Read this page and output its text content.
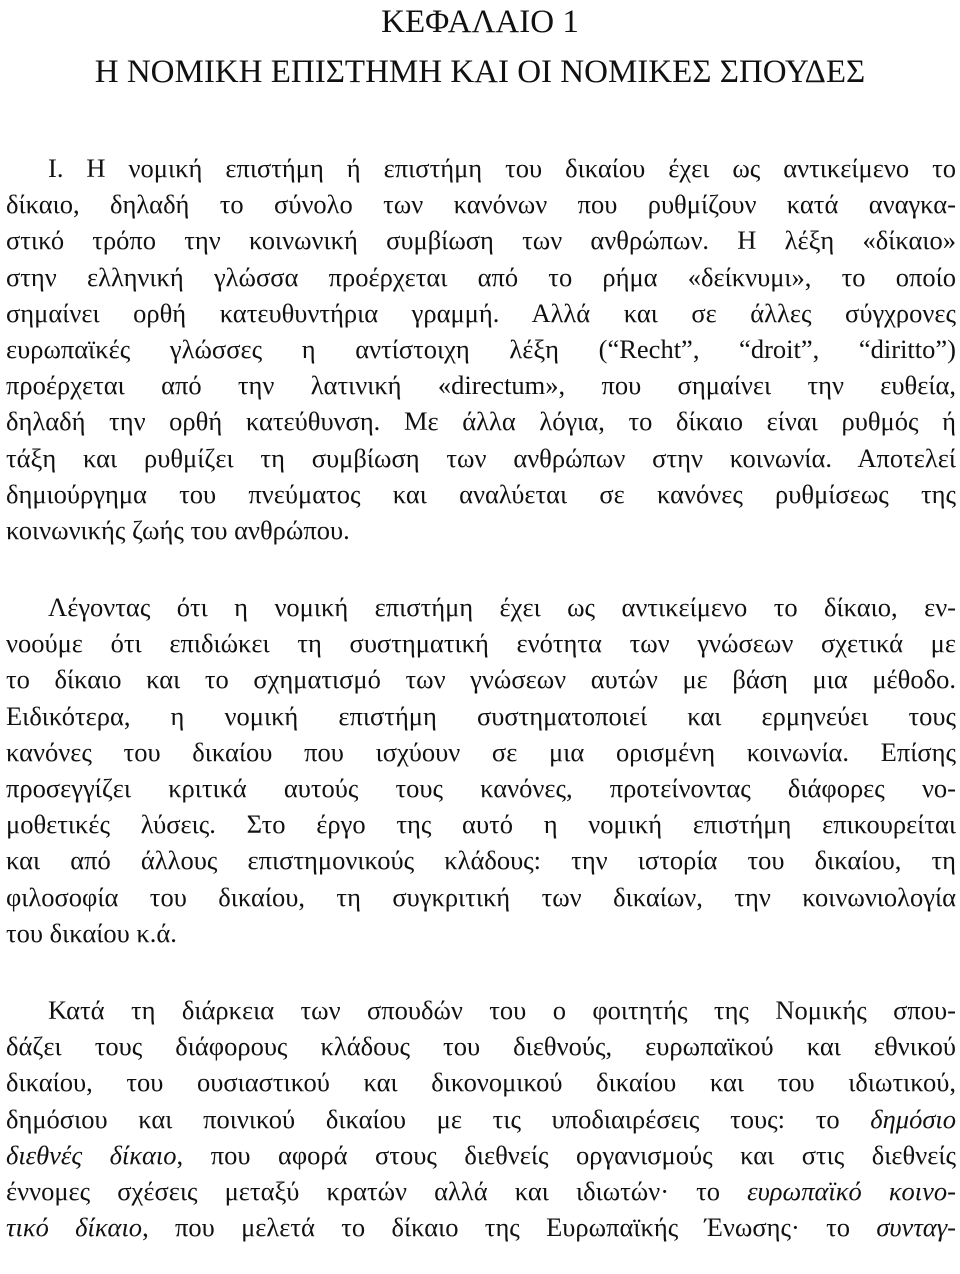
ΚΕΦΑΛΑΙΟ 1
Η ΝΟΜΙΚΗ ΕΠΙΣΤΗΜΗ ΚΑΙ ΟΙ ΝΟΜΙΚΕΣ ΣΠΟΥΔΕΣ
I. Η νομική επιστήμη ή επιστήμη του δικαίου έχει ως αντικείμενο το
δίκαιο, δηλαδή το σύνολο των κανόνων που ρυθμίζουν κατά αναγκα-
στικό τρόπο την κοινωνική συμβίωση των ανθρώπων. Η λέξη «δίκαιο»
στην ελληνική γλώσσα προέρχεται από το ρήμα «δείκνυμι», το οποίο
σημαίνει ορθή κατευθυντήρια γραμμή. Αλλά και σε άλλες σύγχρονες
ευρωπαϊκές γλώσσες η αντίστοιχη λέξη (“Recht”, “droit”, “diritto”)
προέρχεται από την λατινική «directum», που σημαίνει την ευθεία,
δηλαδή την ορθή κατεύθυνση. Με άλλα λόγια, το δίκαιο είναι ρυθμός ή
τάξη και ρυθμίζει τη συμβίωση των ανθρώπων στην κοινωνία. Αποτελεί
δημιούργημα του πνεύματος και αναλύεται σε κανόνες ρυθμίσεως της
κοινωνικής ζωής του ανθρώπου.
Λέγοντας ότι η νομική επιστήμη έχει ως αντικείμενο το δίκαιο, εν-
νοούμε ότι επιδιώκει τη συστηματική ενότητα των γνώσεων σχετικά με
το δίκαιο και το σχηματισμό των γνώσεων αυτών με βάση μια μέθοδο.
Ειδικότερα, η νομική επιστήμη συστηματοποιεί και ερμηνεύει τους
κανόνες του δικαίου που ισχύουν σε μια ορισμένη κοινωνία. Επίσης
προσεγγίζει κριτικά αυτούς τους κανόνες, προτείνοντας διάφορες νο-
μοθετικές λύσεις. Στο έργο της αυτό η νομική επιστήμη επικουρείται
και από άλλους επιστημονικούς κλάδους: την ιστορία του δικαίου, τη
φιλοσοφία του δικαίου, τη συγκριτική των δικαίων, την κοινωνιολογία
του δικαίου κ.ά.
Κατά τη διάρκεια των σπουδών του ο φοιτητής της Νομικής σπου-
δάζει τους διάφορους κλάδους του διεθνούς, ευρωπαϊκού και εθνικού
δικαίου, του ουσιαστικού και δικονομικού δικαίου και του ιδιωτικού,
δημόσιου και ποινικού δικαίου με τις υποδιαιρέσεις τους: το δημόσιο
διεθνές δίκαιο, που αφορά στους διεθνείς οργανισμούς και στις διεθνείς
έννομες σχέσεις μεταξύ κρατών αλλά και ιδιωτών· το ευρωπαϊκό κοινο-
τικό δίκαιο, που μελετά το δίκαιο της Ευρωπαϊκής Ένωσης· το συνταγ-
